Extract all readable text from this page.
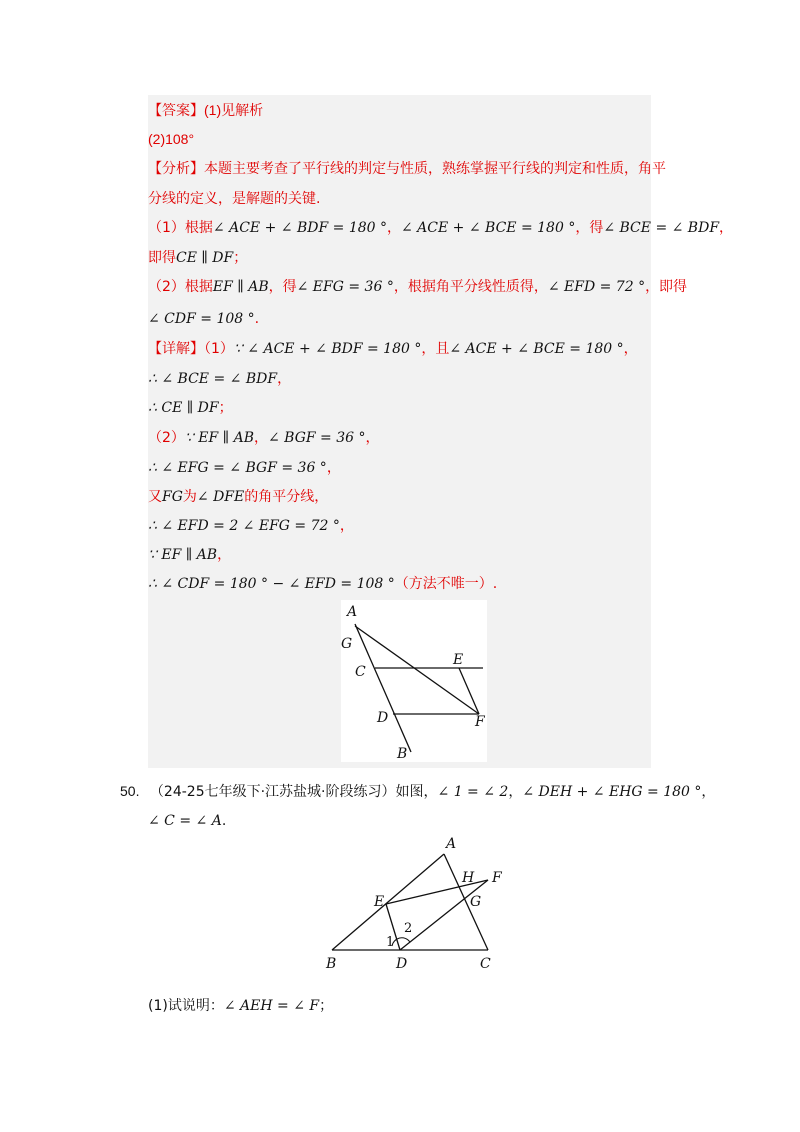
【答案】(1)见解析
(2)108°
【分析】本题主要考查了平行线的判定与性质，熟练掌握平行线的判定和性质，角平
分线的定义，是解题的关键.
（1）根据∠ ACE + ∠ BDF = 180 °，∠ ACE + ∠ BCE = 180 °，得∠ BCE = ∠ BDF，
即得CE ∥ DF；
（2）根据EF ∥ AB，得∠ EFG = 36 °，根据角平分线性质得，∠ EFD = 72 °，即得
∠ CDF = 108 °.
【详解】（1）∵ ∠ ACE + ∠ BDF = 180 °，且∠ ACE + ∠ BCE = 180 °，
∴ ∠ BCE = ∠ BDF，
∴ CE ∥ DF；
（2）∵ EF ∥ AB，∠ BGF = 36 °，
∴ ∠ EFG = ∠ BGF = 36 °，
又FG为∠ DFE的角平分线，
∴ ∠ EFD = 2 ∠ EFG = 72 °，
∵ EF ∥ AB，
∴ ∠ CDF = 180 ° − ∠ EFD = 108 °（方法不唯一）.
A
G
C
E
D	F
B
50. （24-25七年级下·江苏盐城·阶段练习）如图，∠ 1 = ∠ 2，∠ DEH + ∠ EHG = 180 °，
∠ C = ∠ A.
A
H F
E	G
1
2
B	D	C
(1)试说明：∠ AEH = ∠ F；
